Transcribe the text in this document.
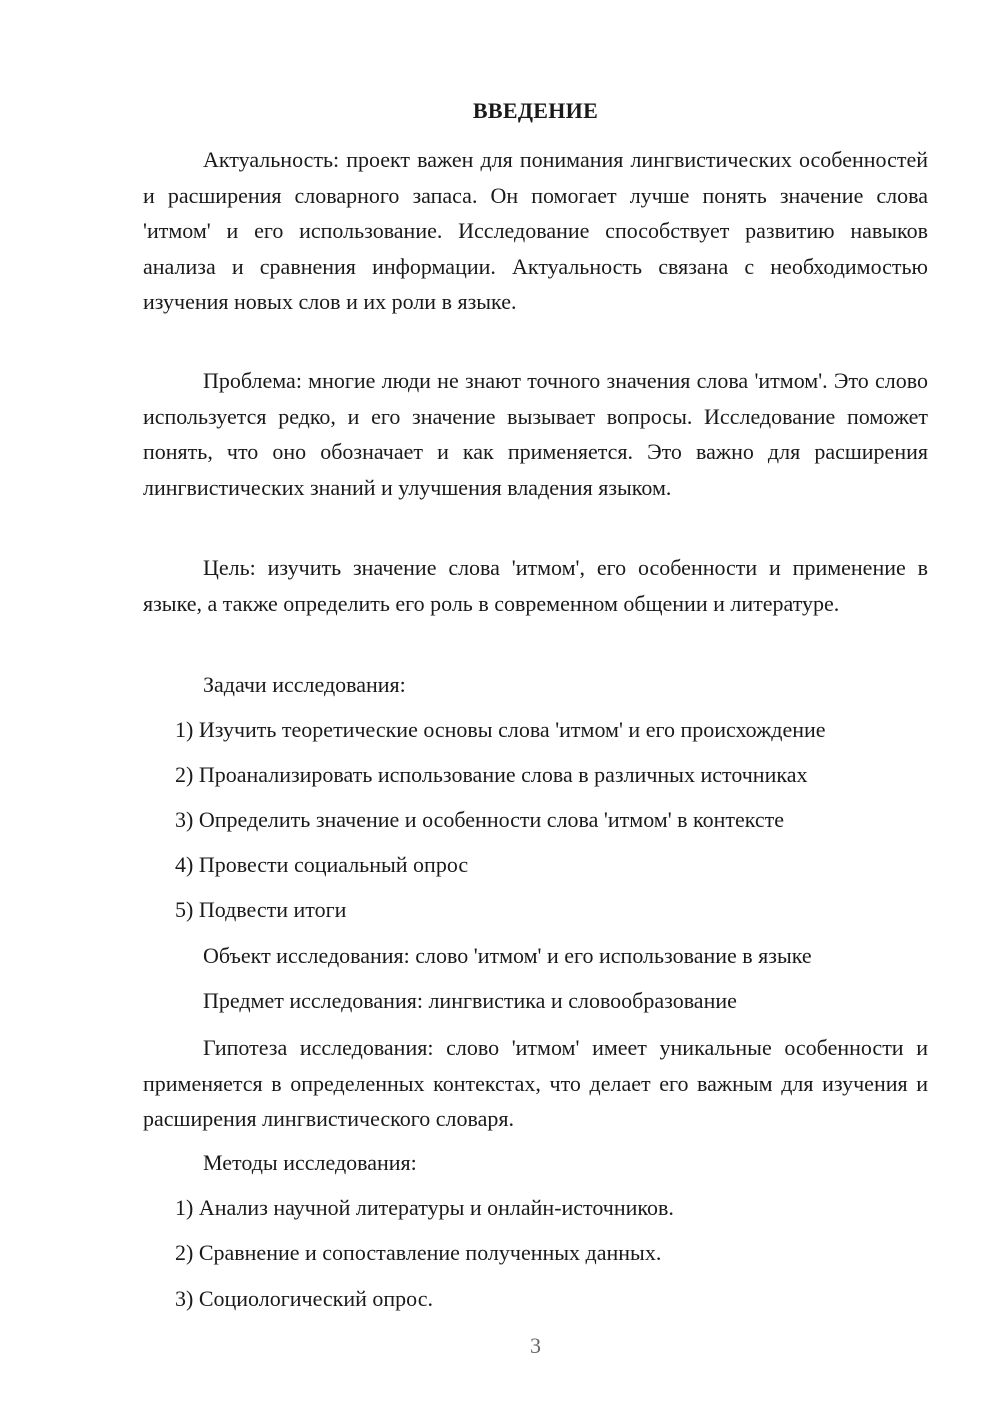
ВВЕДЕНИЕ

Актуальность: проект важен для понимания лингвистических особенностей и расширения словарного запаса. Он помогает лучше понять значение слова 'итмом' и его использование. Исследование способствует развитию навыков анализа и сравнения информации. Актуальность связана с необходимостью изучения новых слов и их роли в языке.

Проблема: многие люди не знают точного значения слова 'итмом'. Это слово используется редко, и его значение вызывает вопросы. Исследование поможет понять, что оно обозначает и как применяется. Это важно для расширения лингвистических знаний и улучшения владения языком.

Цель: изучить значение слова 'итмом', его особенности и применение в языке, а также определить его роль в современном общении и литературе.

Задачи исследования:
1) Изучить теоретические основы слова 'итмом' и его происхождение
2) Проанализировать использование слова в различных источниках
3) Определить значение и особенности слова 'итмом' в контексте
4) Провести социальный опрос
5) Подвести итоги
Объект исследования: слово 'итмом' и его использование в языке
Предмет исследования: лингвистика и словообразование

Гипотеза исследования: слово 'итмом' имеет уникальные особенности и применяется в определенных контекстах, что делает его важным для изучения и расширения лингвистического словаря.

Методы исследования:
1) Анализ научной литературы и онлайн-источников.
2) Сравнение и сопоставление полученных данных.
3) Социологический опрос.
3
